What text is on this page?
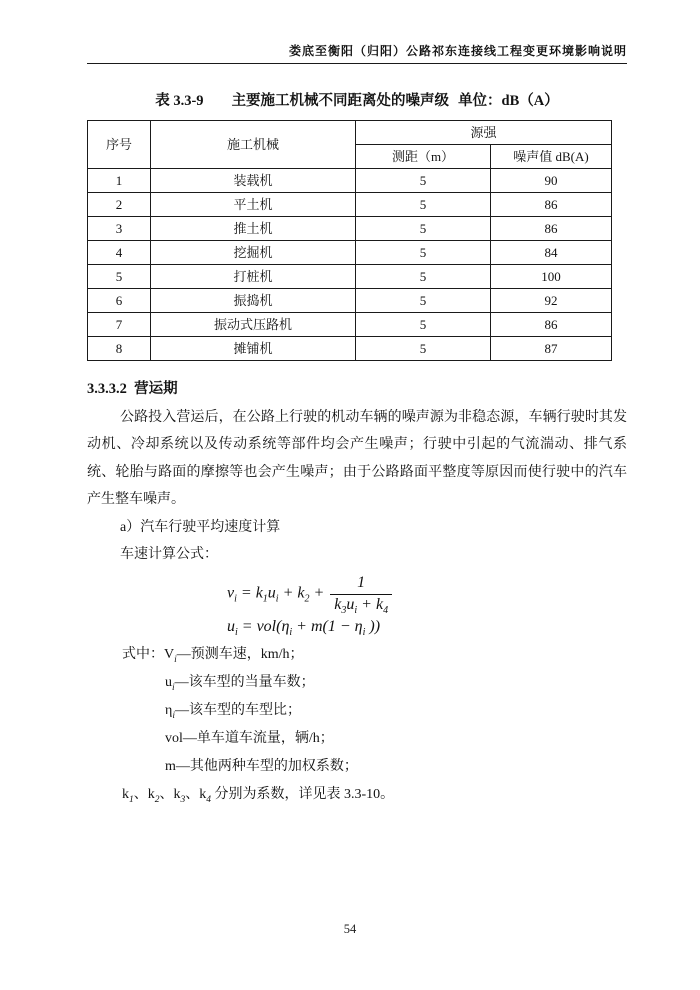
娄底至衡阳（归阳）公路祁东连接线工程变更环境影响说明
表 3.3-9 主要施工机械不同距离处的噪声级 单位：dB（A）
序号	施工机械	源强	
		测距（m）	噪声值 dB(A)
1	装载机	5	90
2	平土机	5	86
3	推土机	5	86
4	挖掘机	5	84
5	打桩机	5	100
6	振捣机	5	92
7	振动式压路机	5	86
8	摊铺机	5	87
3.3.3.2  营运期

公路投入营运后，在公路上行驶的机动车辆的噪声源为非稳态源，车辆行驶时其发动机、冷却系统以及传动系统等部件均会产生噪声；行驶中引起的气流湍动、排气系统、轮胎与路面的摩擦等也会产生噪声；由于公路路面平整度等原因而使行驶中的汽车产生整车噪声。

a）汽车行驶平均速度计算
车速计算公式：
$v_i = k_1u_i + k_2 + \frac{1}{k_3u_i + k_4}$
$u_i = vol(\eta_i + m(1 - \eta_i$ ))
式中：$V_i—$预测车速，km/h；
$u_i—$该车型的当量车数；
$\eta_i—$该车型的车型比；
vol—单车道车流量，辆/h；
m—其他两种车型的加权系数；
$k_1$、$k_2$、$k_3$、$k_4$ 分别为系数，详见表 3.3-10。
54
